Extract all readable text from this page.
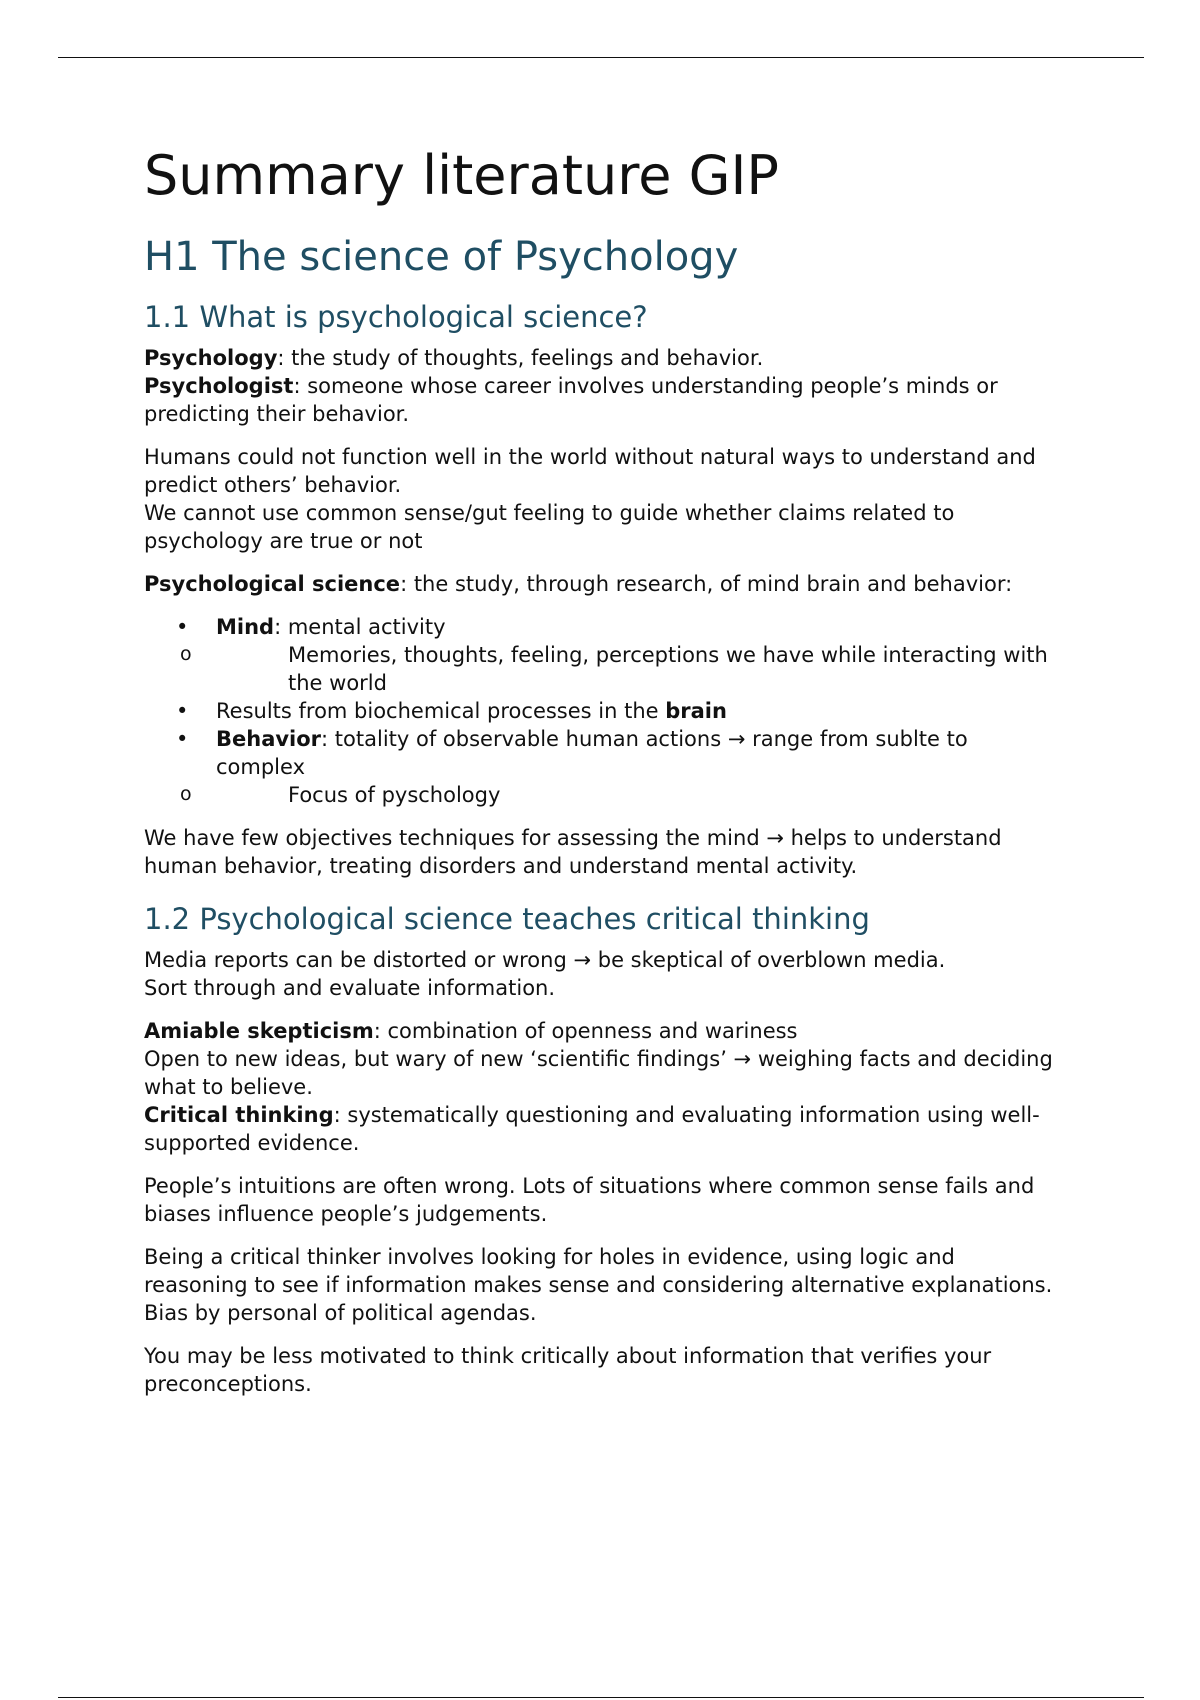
Summary literature GIP
H1 The science of Psychology
1.1 What is psychological science?

Psychology: the study of thoughts, feelings and behavior.

Psychologist: someone whose career involves understanding people’s minds or predicting their behavior.

Humans could not function well in the world without natural ways to understand and predict others’ behavior.

We cannot use common sense/gut feeling to guide whether claims related to psychology are true or not

Psychological science: the study, through research, of mind brain and behavior:

• Mind: mental activity
o	Memories, thoughts, feeling, perceptions we have while interacting with the world
• Results from biochemical processes in the brain
• Behavior: totality of observable human actions → range from sublte to complex
o	Focus of pyschology

We have few objectives techniques for assessing the mind → helps to understand human behavior, treating disorders and understand mental activity.

1.2 Psychological science teaches critical thinking

Media reports can be distorted or wrong → be skeptical of overblown media.

Sort through and evaluate information.

Amiable skepticism: combination of openness and wariness

Open to new ideas, but wary of new ‘scientific findings’ → weighing facts and deciding what to believe.

Critical thinking: systematically questioning and evaluating information using well-supported evidence.

People’s intuitions are often wrong. Lots of situations where common sense fails and biases influence people’s judgements.

Being a critical thinker involves looking for holes in evidence, using logic and reasoning to see if information makes sense and considering alternative explanations.

Bias by personal of political agendas.

You may be less motivated to think critically about information that verifies your preconceptions.
